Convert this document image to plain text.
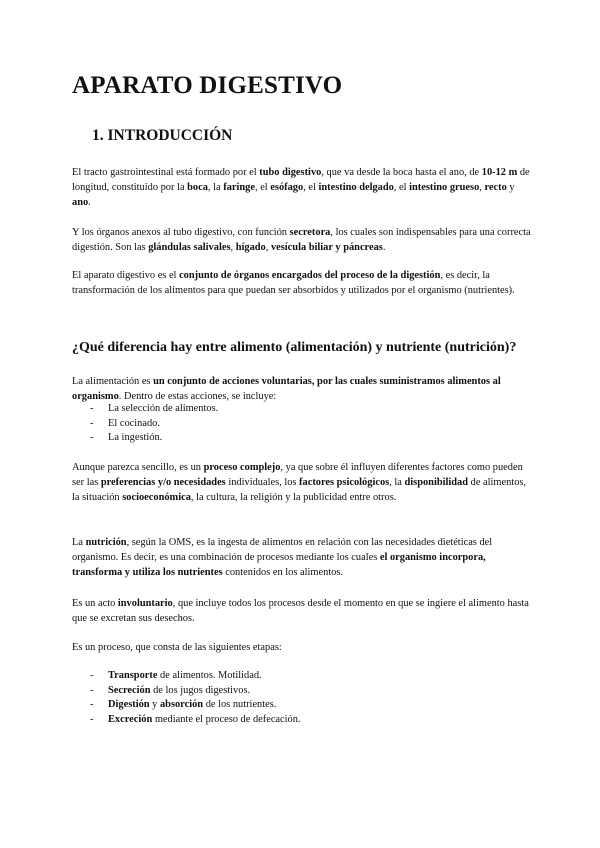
APARATO DIGESTIVO
1. INTRODUCCIÓN

El tracto gastrointestinal está formado por el tubo digestivo, que va desde la boca hasta el ano, de 10-12 m de longitud, constituido por la boca, la faringe, el esófago, el intestino delgado, el intestino grueso, recto y ano.

Y los órganos anexos al tubo digestivo, con función secretora, los cuales son indispensables para una correcta digestión. Son las glándulas salivales, hígado, vesícula biliar y páncreas.

El aparato digestivo es el conjunto de órganos encargados del proceso de la digestión, es decir, la transformación de los alimentos para que puedan ser absorbidos y utilizados por el organismo (nutrientes).

¿Qué diferencia hay entre alimento (alimentación) y nutriente (nutrición)?

La alimentación es un conjunto de acciones voluntarias, por las cuales suministramos alimentos al organismo. Dentro de estas acciones, se incluye:

- La selección de alimentos.
- El cocinado.
- La ingestión.

Aunque parezca sencillo, es un proceso complejo, ya que sobre él influyen diferentes factores como pueden ser las preferencias y/o necesidades individuales, los factores psicológicos, la disponibilidad de alimentos, la situación socioeconómica, la cultura, la religión y la publicidad entre otros.

La nutrición, según la OMS, es la ingesta de alimentos en relación con las necesidades dietéticas del organismo. Es decir, es una combinación de procesos mediante los cuales el organismo incorpora, transforma y utiliza los nutrientes contenidos en los alimentos.

Es un acto involuntario, que incluye todos los procesos desde el momento en que se ingiere el alimento hasta que se excretan sus desechos.

Es un proceso, que consta de las siguientes etapas:

- Transporte de alimentos. Motilidad.
- Secreción de los jugos digestivos.
- Digestión y absorción de los nutrientes.
- Excreción mediante el proceso de defecación.
